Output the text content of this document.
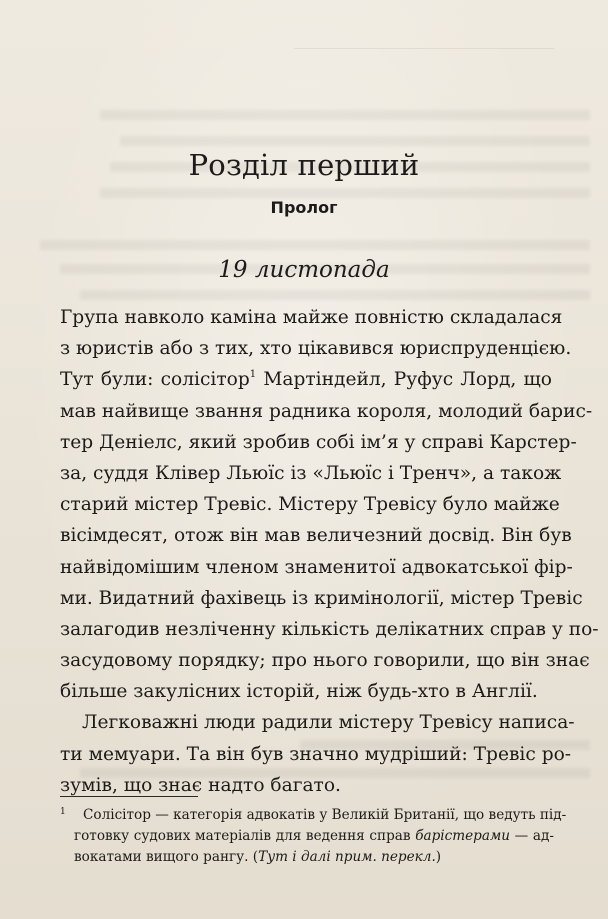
Розділ перший
Пролог
19 листопада
Група навколо каміна майже повністю складалася
з юристів або з тих, хто цікавився юриспруденцією.
Тут були: солісітор$^1$ Мартіндейл, Руфус Лорд, що
мав найвище звання радника короля, молодий барис-
тер Деніелс, який зробив собі ім’я у справі Карстер-
за, суддя Клівер Льюїс із «Льюїс і Тренч», а також
старий містер Тревіс. Містеру Тревісу було майже
вісімдесят, отож він мав величезний досвід. Він був
найвідомішим членом знаменитої адвокатської фір-
ми. Видатний фахівець із кримінології, містер Тревіс
залагодив незліченну кількість делікатних справ у по-
засудовому порядку; про нього говорили, що він знає
більше закулісних історій, ніж будь-хто в Англії.
Легковажні люди радили містеру Тревісу написа-
ти мемуари. Та він був значно мудріший: Тревіс ро-
зумів, що знає надто багато.
1 Солісітор — категорія адвокатів у Великій Британії, що ведуть під-
готовку судових матеріалів для ведення справ барістерами — ад-
вокатами вищого рангу. (Тут і далі прим. перекл.)
